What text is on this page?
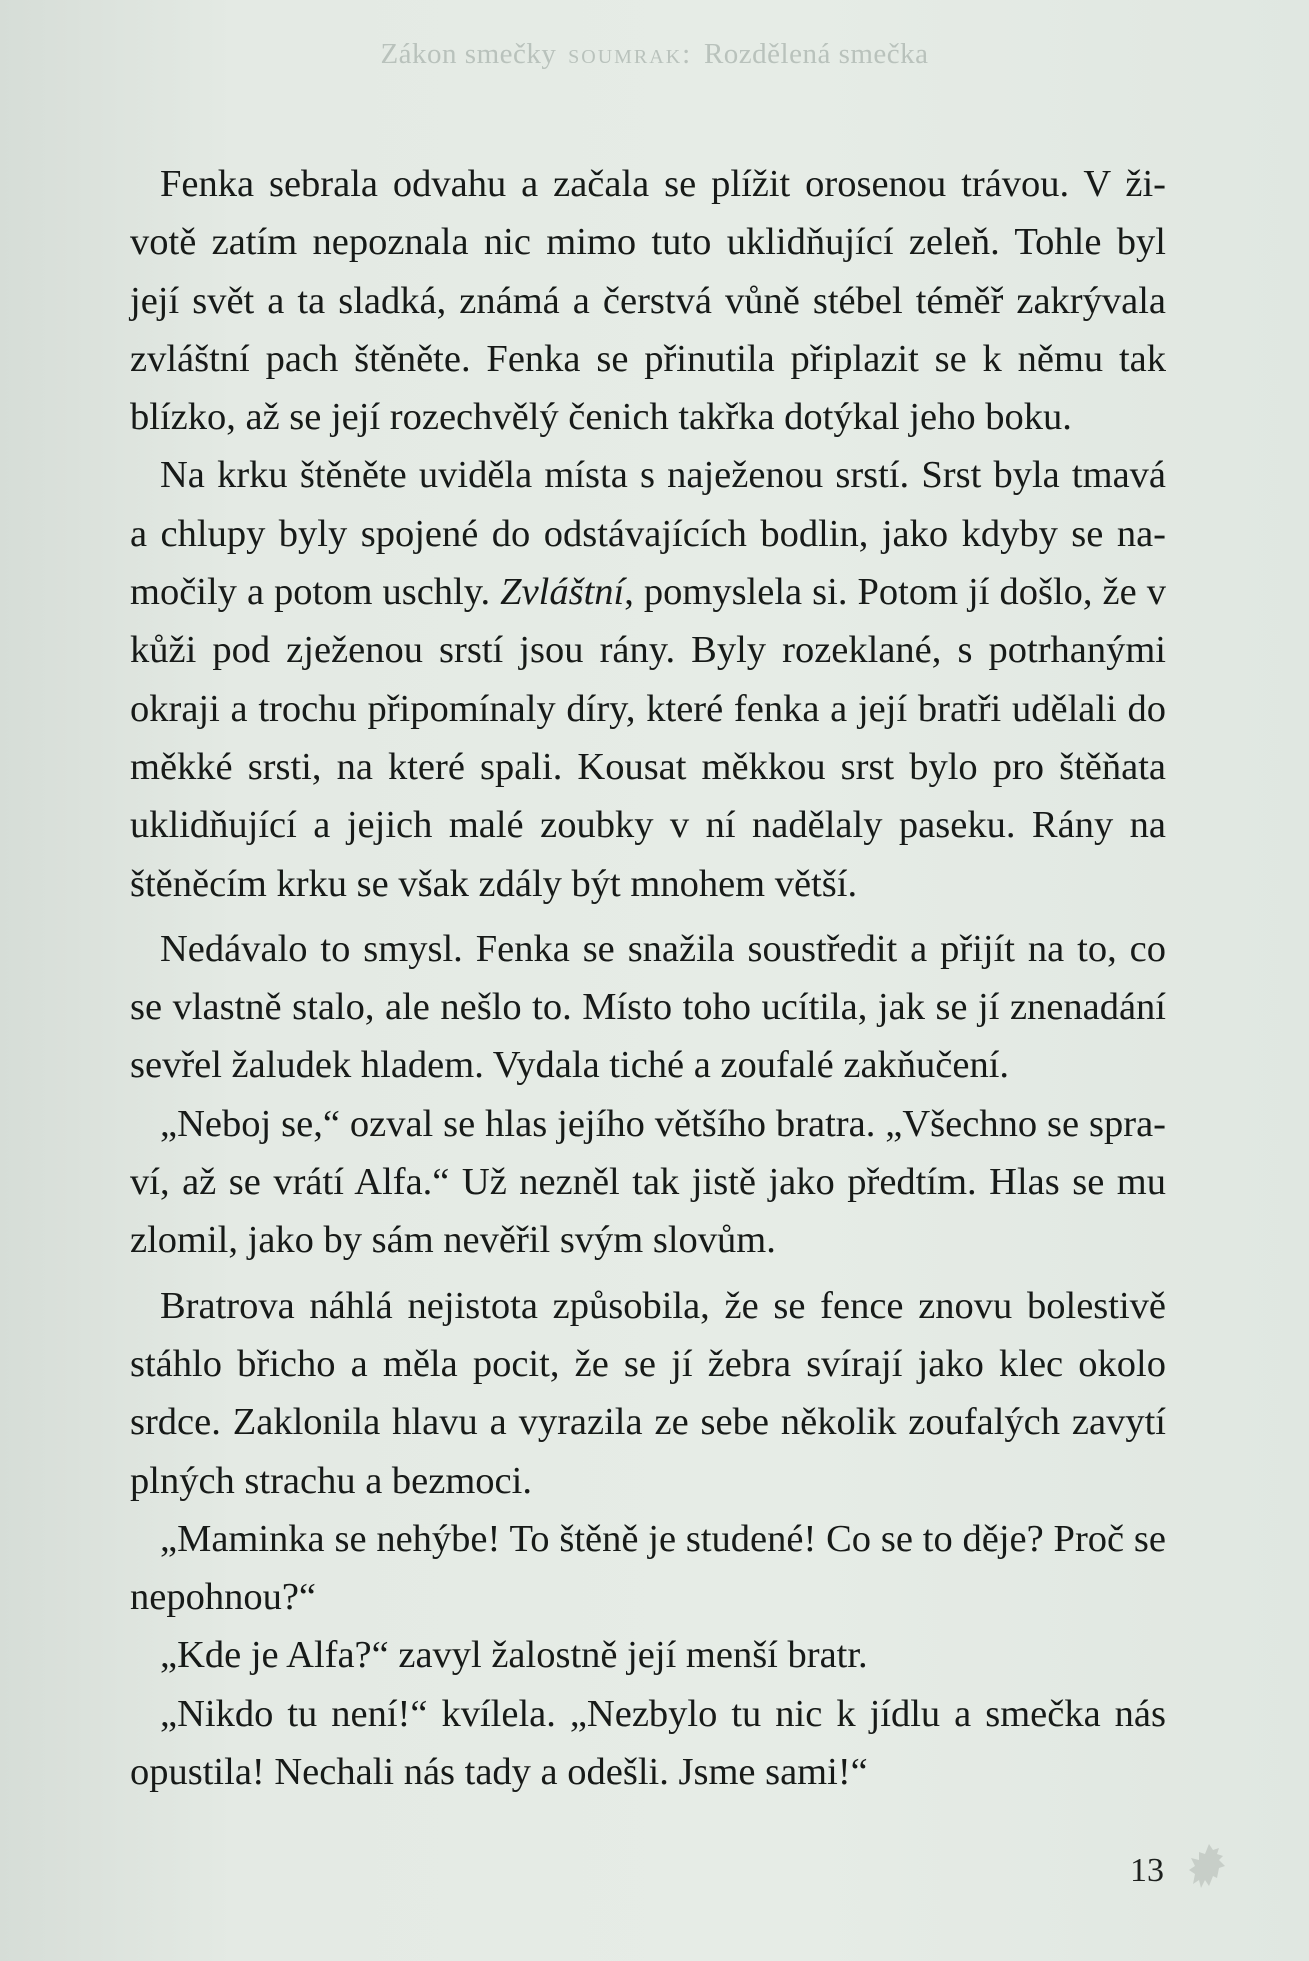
Zákon smečky soumrak: Rozdělená smečka

Fenka sebrala odvahu a začala se plížit orosenou trávou. V životě zatím nepoznala nic mimo tuto uklidňující zeleň. Tohle byl její svět a ta sladká, známá a čerstvá vůně stébel téměř zakrývala zvláštní pach štěněte. Fenka se přinutila připlazit se k němu tak blízko, až se její rozechvělý čenich takřka dotýkal jeho boku.

Na krku štěněte uviděla místa s naježenou srstí. Srst byla tmavá a chlupy byly spojené do odstávajících bodlin, jako kdyby se namočily a potom uschly. Zvláštní, pomyslela si. Potom jí došlo, že v kůži pod zježenou srstí jsou rány. Byly rozeklané, s potrhanými okraji a trochu připomínaly díry, které fenka a její bratři udělali do měkké srsti, na které spali. Kousat měkkou srst bylo pro štěňata uklidňující a jejich malé zoubky v ní nadělaly paseku. Rány na štěněcím krku se však zdály být mnohem větší.

Nedávalo to smysl. Fenka se snažila soustředit a přijít na to, co se vlastně stalo, ale nešlo to. Místo toho ucítila, jak se jí znenadání sevřel žaludek hladem. Vydala tiché a zoufalé zakňučení.

„Neboj se,“ ozval se hlas jejího většího bratra. „Všechno se spraví, až se vrátí Alfa.“ Už nezněl tak jistě jako předtím. Hlas se mu zlomil, jako by sám nevěřil svým slovům.

Bratrova náhlá nejistota způsobila, že se fence znovu bolestivě stáhlo břicho a měla pocit, že se jí žebra svírají jako klec okolo srdce. Zaklonila hlavu a vyrazila ze sebe několik zoufalých zavytí plných strachu a bezmoci.

„Maminka se nehýbe! To štěně je studené! Co se to děje? Proč se nepohnou?“

„Kde je Alfa?“ zavyl žalostně její menší bratr.

„Nikdo tu není!“ kvílela. „Nezbylo tu nic k jídlu a smečka nás opustila! Nechali nás tady a odešli. Jsme sami!“

13
